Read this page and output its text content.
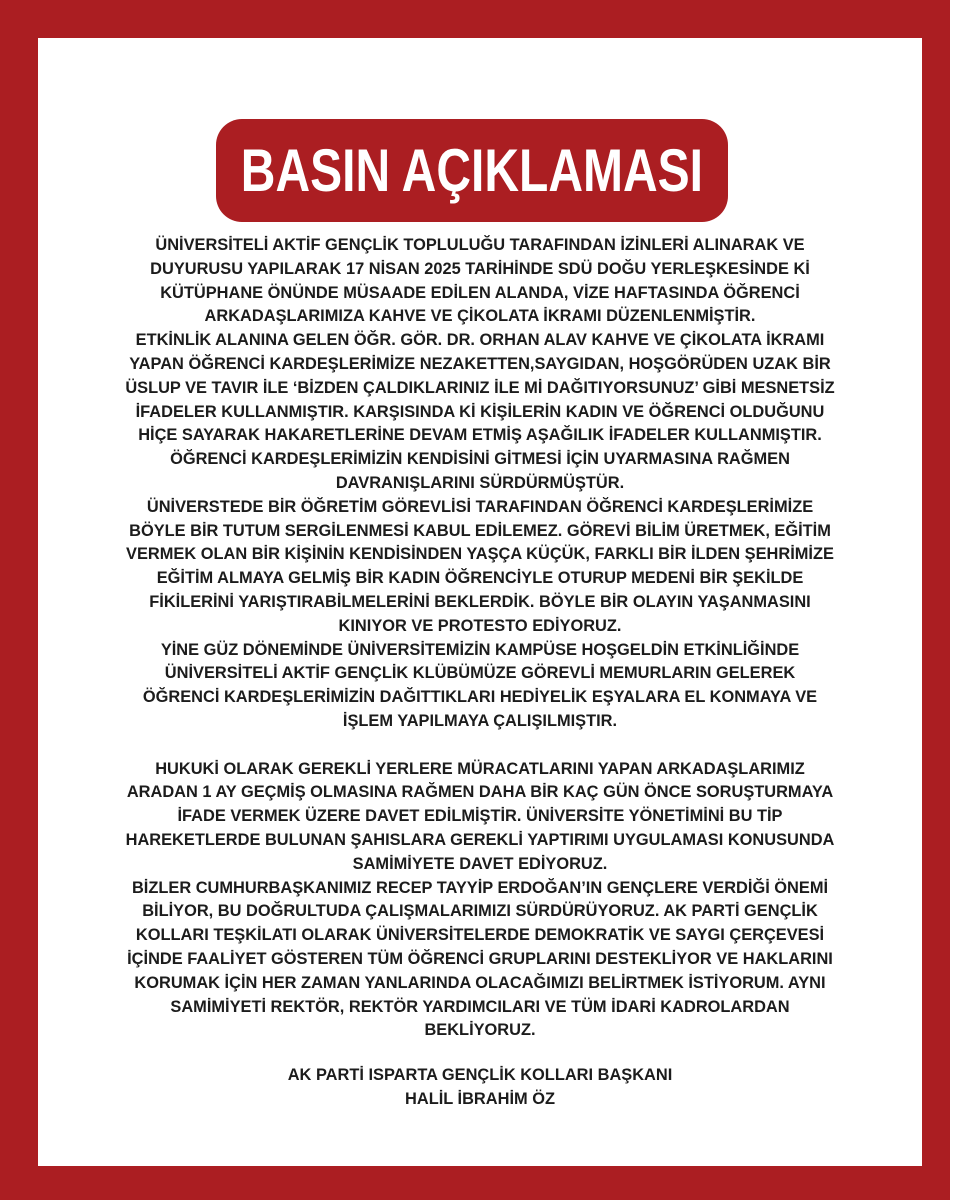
BASIN AÇIKLAMASI
ÜNİVERSİTELİ AKTİF GENÇLİK TOPLULUĞU TARAFINDAN İZİNLERİ ALINARAK VE
DUYURUSU YAPILARAK 17 NİSAN 2025 TARİHİNDE SDÜ DOĞU YERLEŞKESİNDE Kİ
KÜTÜPHANE ÖNÜNDE MÜSAADE EDİLEN ALANDA, VİZE HAFTASINDA ÖĞRENCİ
ARKADAŞLARIMIZA KAHVE VE ÇİKOLATA İKRAMI DÜZENLENMİŞTİR.
ETKİNLİK ALANINA GELEN ÖĞR. GÖR. DR. ORHAN ALAV KAHVE VE ÇİKOLATA İKRAMI
YAPAN ÖĞRENCİ KARDEŞLERİMİZE NEZAKETTEN,SAYGIDAN, HOŞGÖRÜDEN UZAK BİR
ÜSLUP VE TAVIR İLE ‘BİZDEN ÇALDIKLARINIZ İLE Mİ DAĞITIYORSUNUZ’ GİBİ MESNETSİZ
İFADELER KULLANMIŞTIR. KARŞISINDA Kİ KİŞİLERİN KADIN VE ÖĞRENCİ OLDUĞUNU
HİÇE SAYARAK HAKARETLERİNE DEVAM ETMİŞ AŞAĞILIK İFADELER KULLANMIŞTIR.
ÖĞRENCİ KARDEŞLERİMİZİN KENDİSİNİ GİTMESİ İÇİN UYARMASINA RAĞMEN
DAVRANIŞLARINI SÜRDÜRMÜŞTÜR.
ÜNİVERSTEDE BİR ÖĞRETİM GÖREVLİSİ TARAFINDAN ÖĞRENCİ KARDEŞLERİMİZE
BÖYLE BİR TUTUM SERGİLENMESİ KABUL EDİLEMEZ. GÖREVİ BİLİM ÜRETMEK, EĞİTİM
VERMEK OLAN BİR KİŞİNİN KENDİSİNDEN YAŞÇA KÜÇÜK, FARKLI BİR İLDEN ŞEHRİMİZE
EĞİTİM ALMAYA GELMİŞ BİR KADIN ÖĞRENCİYLE OTURUP MEDENİ BİR ŞEKİLDE
FİKİLERİNİ YARIŞTIRABİLMELERİNİ BEKLERDİK. BÖYLE BİR OLAYIN YAŞANMASINI
KINIYOR VE PROTESTO EDİYORUZ.
YİNE GÜZ DÖNEMİNDE ÜNİVERSİTEMİZİN KAMPÜSE HOŞGELDİN ETKİNLİĞİNDE
ÜNİVERSİTELİ AKTİF GENÇLİK KLÜBÜMÜZE GÖREVLİ MEMURLARIN GELEREK
ÖĞRENCİ KARDEŞLERİMİZİN DAĞITTIKLARI HEDİYELİK EŞYALARA EL KONMAYA VE
İŞLEM YAPILMAYA ÇALIŞILMIŞTIR.
HUKUKİ OLARAK GEREKLİ YERLERE MÜRACATLARINI YAPAN ARKADAŞLARIMIZ
ARADAN 1 AY GEÇMİŞ OLMASINA RAĞMEN DAHA BİR KAÇ GÜN ÖNCE SORUŞTURMAYA
İFADE VERMEK ÜZERE DAVET EDİLMİŞTİR. ÜNİVERSİTE YÖNETİMİNİ BU TİP
HAREKETLERDE BULUNAN ŞAHISLARA GEREKLİ YAPTIRIMI UYGULAMASI KONUSUNDA
SAMİMİYETE DAVET EDİYORUZ.
BİZLER CUMHURBAŞKANIMIZ RECEP TAYYİP ERDOĞAN’IN GENÇLERE VERDİĞİ ÖNEMİ
BİLİYOR, BU DOĞRULTUDA ÇALIŞMALARIMIZI SÜRDÜRÜYORUZ. AK PARTİ GENÇLİK
KOLLARI TEŞKİLATI OLARAK ÜNİVERSİTELERDE DEMOKRATİK VE SAYGI ÇERÇEVESİ
İÇİNDE FAALİYET GÖSTEREN TÜM ÖĞRENCİ GRUPLARINI DESTEKLİYOR VE HAKLARINI
KORUMAK İÇİN HER ZAMAN YANLARINDA OLACAĞIMIZI BELİRTMEK İSTİYORUM. AYNI
SAMİMİYETİ REKTÖR, REKTÖR YARDIMCILARI VE TÜM İDARİ KADROLARDAN
BEKLİYORUZ.
AK PARTİ ISPARTA GENÇLİK KOLLARI BAŞKANI
HALİL İBRAHİM ÖZ
